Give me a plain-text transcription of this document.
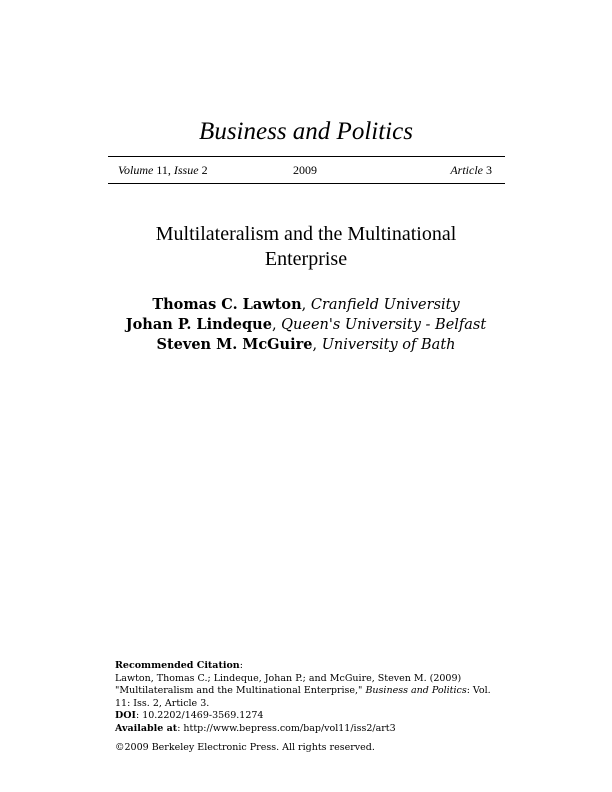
Business and Politics
Volume 11, Issue 2	2009	Article 3
Multilateralism and the Multinational
Enterprise
Thomas C. Lawton, Cranfield University
Johan P. Lindeque, Queen's University - Belfast
Steven M. McGuire, University of Bath
Recommended Citation:
Lawton, Thomas C.; Lindeque, Johan P.; and McGuire, Steven M. (2009) "Multilateralism and the Multinational Enterprise," Business and Politics: Vol. 11: Iss. 2, Article 3.
DOI: 10.2202/1469-3569.1274
Available at: http://www.bepress.com/bap/vol11/iss2/art3
©2009 Berkeley Electronic Press. All rights reserved.
